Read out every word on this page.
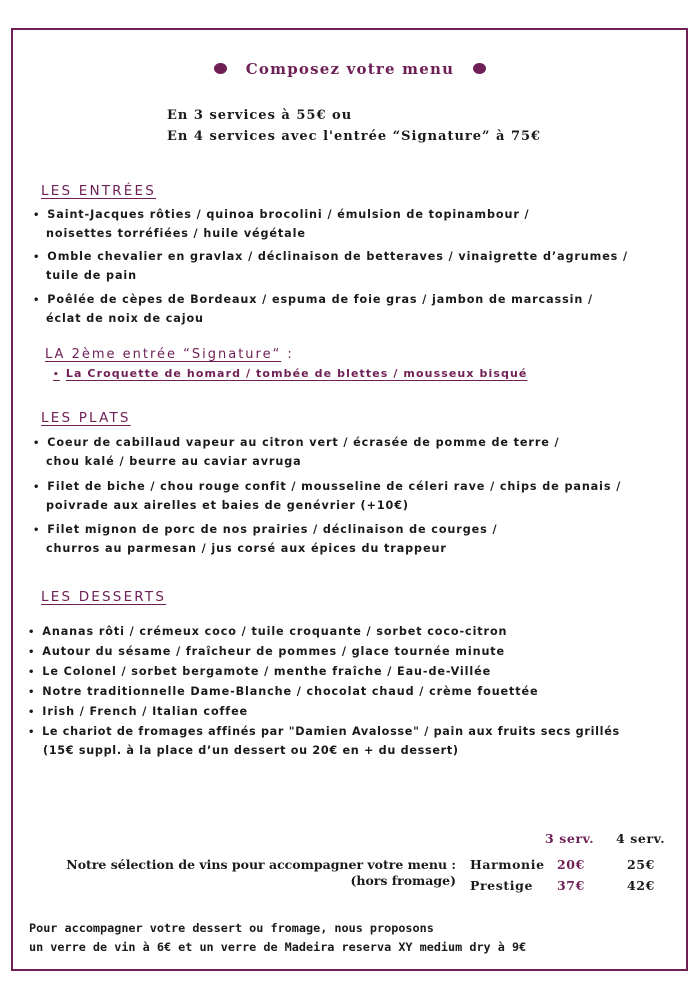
Composez votre menu
En 3 services à 55€ ou
En 4 services avec l'entrée “Signature” à 75€
LES ENTRÉES
• Saint-Jacques rôties / quinoa brocolini / émulsion de topinambour /
noisettes torréfiées / huile végétale
• Omble chevalier en gravlax / déclinaison de betteraves / vinaigrette d’agrumes /
tuile de pain
• Poêlée de cèpes de Bordeaux / espuma de foie gras / jambon de marcassin /
éclat de noix de cajou
LA 2ème entrée “Signature“ :
• La Croquette de homard / tombée de blettes / mousseux bisqué
LES PLATS
• Coeur de cabillaud vapeur au citron vert / écrasée de pomme de terre /
chou kalé / beurre au caviar avruga
• Filet de biche / chou rouge confit / mousseline de céleri rave / chips de panais /
poivrade aux airelles et baies de genévrier (+10€)
• Filet mignon de porc de nos prairies / déclinaison de courges /
churros au parmesan / jus corsé aux épices du trappeur
LES DESSERTS
• Ananas rôti / crémeux coco / tuile croquante / sorbet coco-citron
• Autour du sésame / fraîcheur de pommes / glace tournée minute
• Le Colonel / sorbet bergamote / menthe fraîche / Eau-de-Villée
• Notre traditionnelle Dame-Blanche / chocolat chaud / crème fouettée
• Irish / French / Italian coffee
• Le chariot de fromages affinés par "Damien Avalosse" / pain aux fruits secs grillés
(15€ suppl. à la place d’un dessert ou 20€ en + du dessert)
3 serv. 4 serv.
Notre sélection de vins pour accompagner votre menu :
(hors fromage)
Harmonie 20€	25€
Prestige 37€	42€
Pour accompagner votre dessert ou fromage, nous proposons
un verre de vin à 6€ et un verre de Madeira reserva XY medium dry à 9€
